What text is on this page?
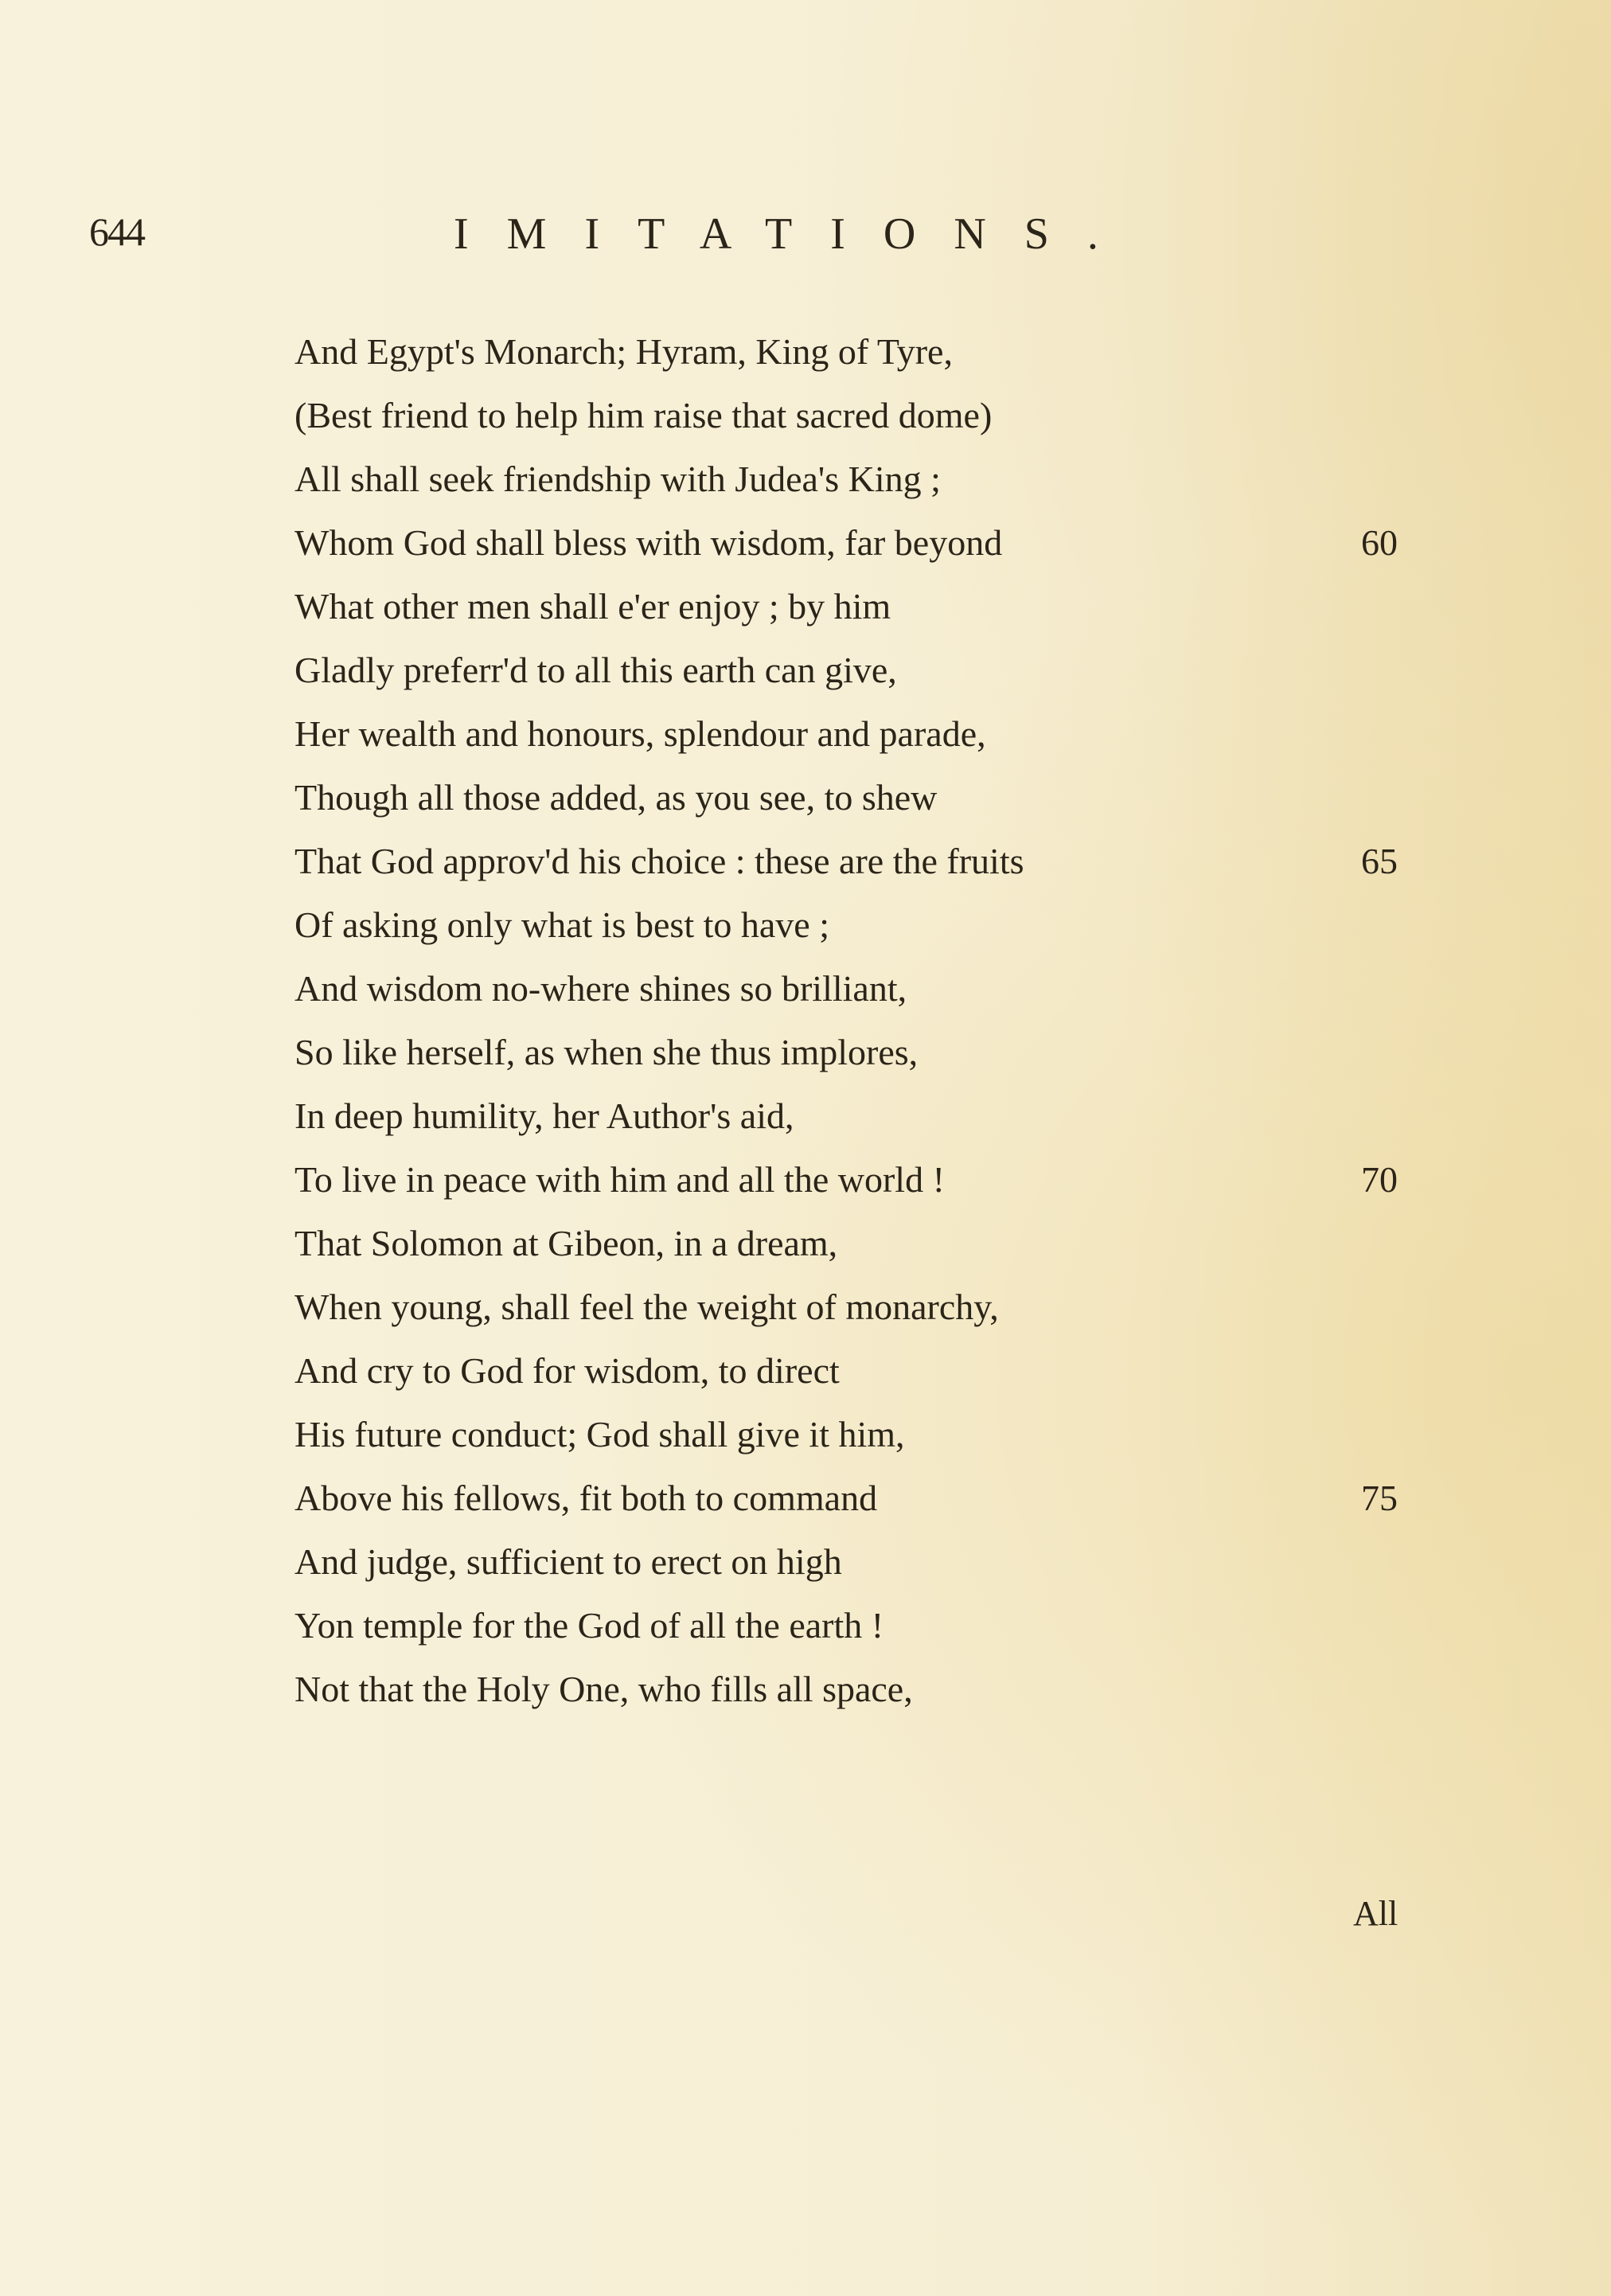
644	IMITATIONS.
And Egypt's Monarch; Hyram, King of Tyre,
(Best friend to help him raise that sacred dome)
All shall seek friendship with Judea's King ;
Whom God shall bless with wisdom, far beyond	60
What other men shall e'er enjoy ; by him
Gladly preferr'd to all this earth can give,
Her wealth and honours, splendour and parade,
Though all those added, as you see, to shew
That God approv'd his choice : these are the fruits	65
Of asking only what is best to have ;
And wisdom no-where shines so brilliant,
So like herself, as when she thus implores,
In deep humility, her Author's aid,
To live in peace with him and all the world !	70
That Solomon at Gibeon, in a dream,
When young, shall feel the weight of monarchy,
And cry to God for wisdom, to direct
His future conduct; God shall give it him,
Above his fellows, fit both to command	75
And judge, sufficient to erect on high
Yon temple for the God of all the earth !
Not that the Holy One, who fills all space,
All
